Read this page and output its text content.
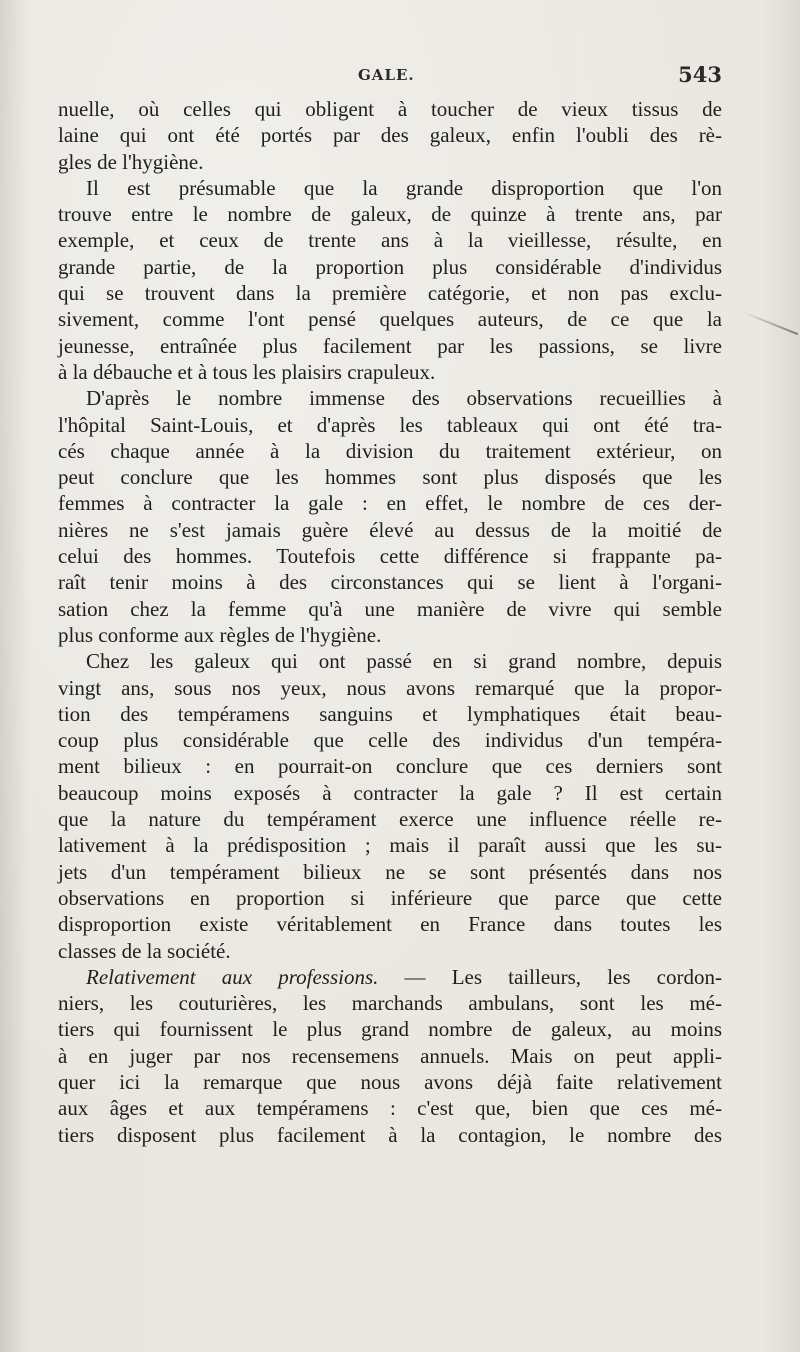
GALE.	543
nuelle, où celles qui obligent à toucher de vieux tissus de
laine qui ont été portés par des galeux, enfin l'oubli des rè-
gles de l'hygiène.
Il est présumable que la grande disproportion que l'on
trouve entre le nombre de galeux, de quinze à trente ans, par
exemple, et ceux de trente ans à la vieillesse, résulte, en
grande partie, de la proportion plus considérable d'individus
qui se trouvent dans la première catégorie, et non pas exclu-
sivement, comme l'ont pensé quelques auteurs, de ce que la
jeunesse, entraînée plus facilement par les passions, se livre
à la débauche et à tous les plaisirs crapuleux.
D'après le nombre immense des observations recueillies à
l'hôpital Saint-Louis, et d'après les tableaux qui ont été tra-
cés chaque année à la division du traitement extérieur, on
peut conclure que les hommes sont plus disposés que les
femmes à contracter la gale : en effet, le nombre de ces der-
nières ne s'est jamais guère élevé au dessus de la moitié de
celui des hommes. Toutefois cette différence si frappante pa-
raît tenir moins à des circonstances qui se lient à l'organi-
sation chez la femme qu'à une manière de vivre qui semble
plus conforme aux règles de l'hygiène.
Chez les galeux qui ont passé en si grand nombre, depuis
vingt ans, sous nos yeux, nous avons remarqué que la propor-
tion des tempéramens sanguins et lymphatiques était beau-
coup plus considérable que celle des individus d'un tempéra-
ment bilieux : en pourrait-on conclure que ces derniers sont
beaucoup moins exposés à contracter la gale ? Il est certain
que la nature du tempérament exerce une influence réelle re-
lativement à la prédisposition ; mais il paraît aussi que les su-
jets d'un tempérament bilieux ne se sont présentés dans nos
observations en proportion si inférieure que parce que cette
disproportion existe véritablement en France dans toutes les
classes de la société.
Relativement aux professions. — Les tailleurs, les cordon-
niers, les couturières, les marchands ambulans, sont les mé-
tiers qui fournissent le plus grand nombre de galeux, au moins
à en juger par nos recensemens annuels. Mais on peut appli-
quer ici la remarque que nous avons déjà faite relativement
aux âges et aux tempéramens : c'est que, bien que ces mé-
tiers disposent plus facilement à la contagion, le nombre des
